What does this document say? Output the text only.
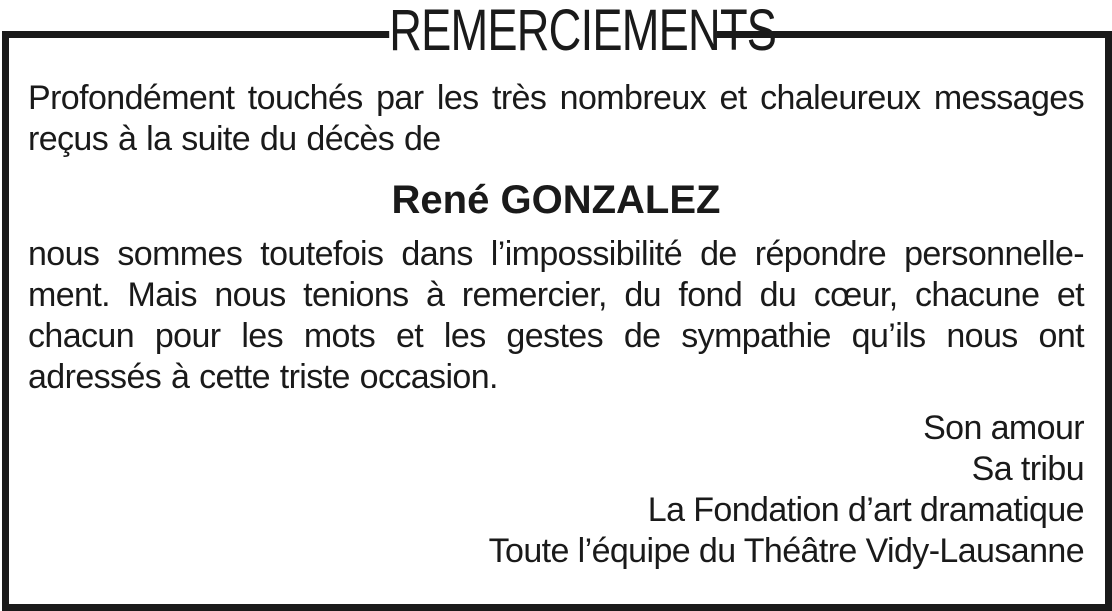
REMERCIEMENTS

Profondément touchés par les très nombreux et chaleureux messages
reçus à la suite du décès de

René GONZALEZ

nous sommes toutefois dans l’impossibilité de répondre personnelle-
ment. Mais nous tenions à remercier, du fond du cœur, chacune et
chacun pour les mots et les gestes de sympathie qu’ils nous ont
adressés à cette triste occasion.

Son amour
Sa tribu
La Fondation d’art dramatique
Toute l’équipe du Théâtre Vidy-Lausanne
